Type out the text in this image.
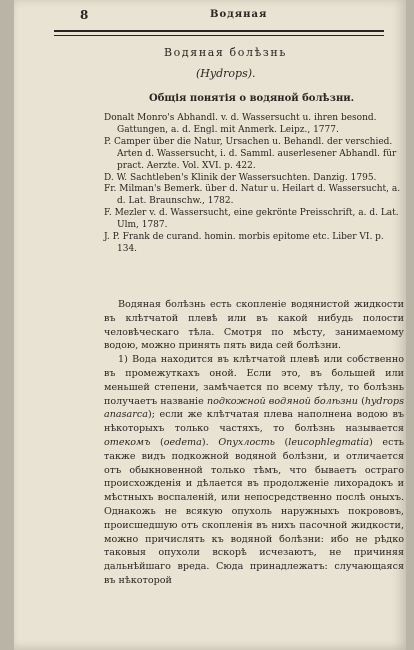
8	Водяная
Водяная болѣзнь
(Hydrops).
Общія понятія о водяной болѣзни.
Donalt Monro's Abhandl. v. d. Wassersucht u. ihren besond. Gattungen, a. d. Engl. mit Anmerk. Leipz., 1777.
P. Camper über die Natur, Ursachen u. Behandl. der verschied. Arten d. Wassersucht, i. d. Samml. auserlesener Abhandl. für pract. Aerzte. Vol. XVI. p. 422.
D. W. Sachtleben's Klinik der Wassersuchten. Danzig. 1795.
Fr. Milman's Bemerk. über d. Natur u. Heilart d. Wassersucht, a. d. Lat. Braunschw., 1782.
F. Mezler v. d. Wassersucht, eine gekrönte Preisschrift, a. d. Lat. Ulm, 1787.
J. P. Frank de curand. homin. morbis epitome etc. Liber VI. p. 134.

Водяная болѣзнь есть скопленіе водянистой жидкости въ клѣтчатой плевѣ или въ какой нибудь полости человѣческаго тѣла. Смотря по мѣсту, занимаемому водою, можно принять пять вида сей болѣзни.

1) Вода находится въ клѣтчатой плевѣ или собственно въ промежуткахъ оной. Если это, въ большей или меньшей степени, замѣчается по всему тѣлу, то болѣзнь получаетъ названіе подкожной водяной болѣзни (hydrops anasarca); если же клѣтчатая плева наполнена водою въ нѣкоторыхъ только частяхъ, то болѣзнь называется отекомъ (oedema). Опухлость (leucophlegmatia) есть также видъ подкожной водяной болѣзни, и отличается отъ обыкновенной только тѣмъ, что бываетъ остраго происхожденія и дѣлается въ продолженіе лихорадокъ и мѣстныхъ воспаленій, или непосредственно послѣ оныхъ. Однакожь не всякую опухоль наружныхъ покрововъ, происшедшую отъ скопленія въ нихъ пасочной жидкости, можно причислять къ водяной болѣзни: ибо не рѣдко таковыя опухоли вскорѣ исчезаютъ, не причиняя дальнѣйшаго вреда. Сюда принадлежатъ: случающаяся въ нѣкоторой
